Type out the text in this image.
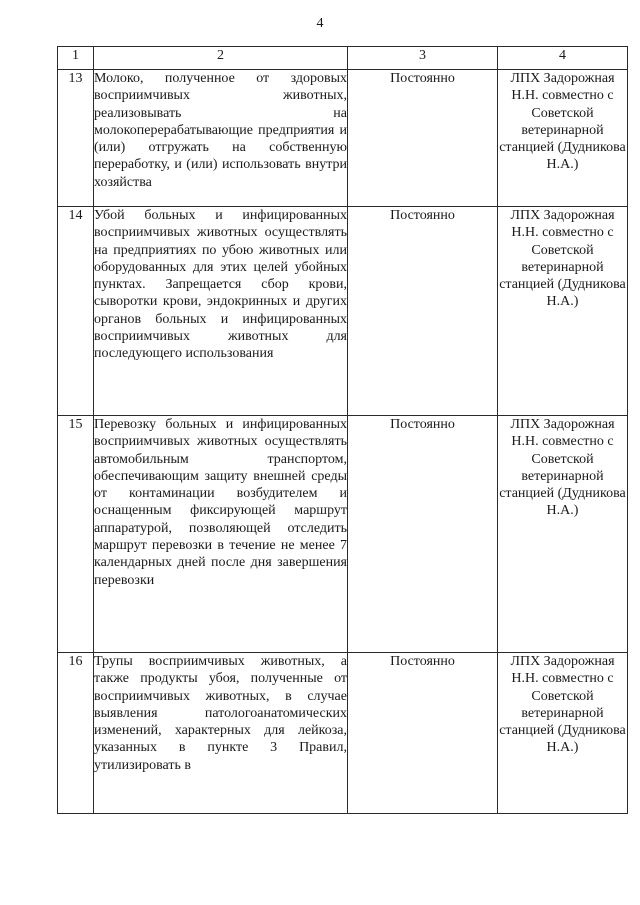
4
1	2	3	4
13	Молоко, полученное от здоровых восприимчивых животных, реализовывать на молокоперерабатывающие предприятия и (или) отгружать на собственную переработку, и (или) использовать внутри хозяйства	Постоянно	ЛПХ Задорожная Н.Н. совместно с Советской ветеринарной станцией (Дудникова Н.А.)
14	Убой больных и инфицированных восприимчивых животных осуществлять на предприятиях по убою животных или оборудованных для этих целей убойных пунктах. Запрещается сбор крови, сыворотки крови, эндокринных и других органов больных и инфицированных восприимчивых животных для последующего использования	Постоянно	ЛПХ Задорожная Н.Н. совместно с Советской ветеринарной станцией (Дудникова Н.А.)
15	Перевозку больных и инфицированных восприимчивых животных осуществлять автомобильным транспортом, обеспечивающим защиту внешней среды от контаминации возбудителем и оснащенным фиксирующей маршрут аппаратурой, позволяющей отследить маршрут перевозки в течение не менее 7 календарных дней после дня завершения перевозки	Постоянно	ЛПХ Задорожная Н.Н. совместно с Советской ветеринарной станцией (Дудникова Н.А.)
16	Трупы восприимчивых животных, а также продукты убоя, полученные от восприимчивых животных, в случае выявления патологоанатомических изменений, характерных для лейкоза, указанных в пункте 3 Правил, утилизировать в	Постоянно	ЛПХ Задорожная Н.Н. совместно с Советской ветеринарной станцией (Дудникова Н.А.)
